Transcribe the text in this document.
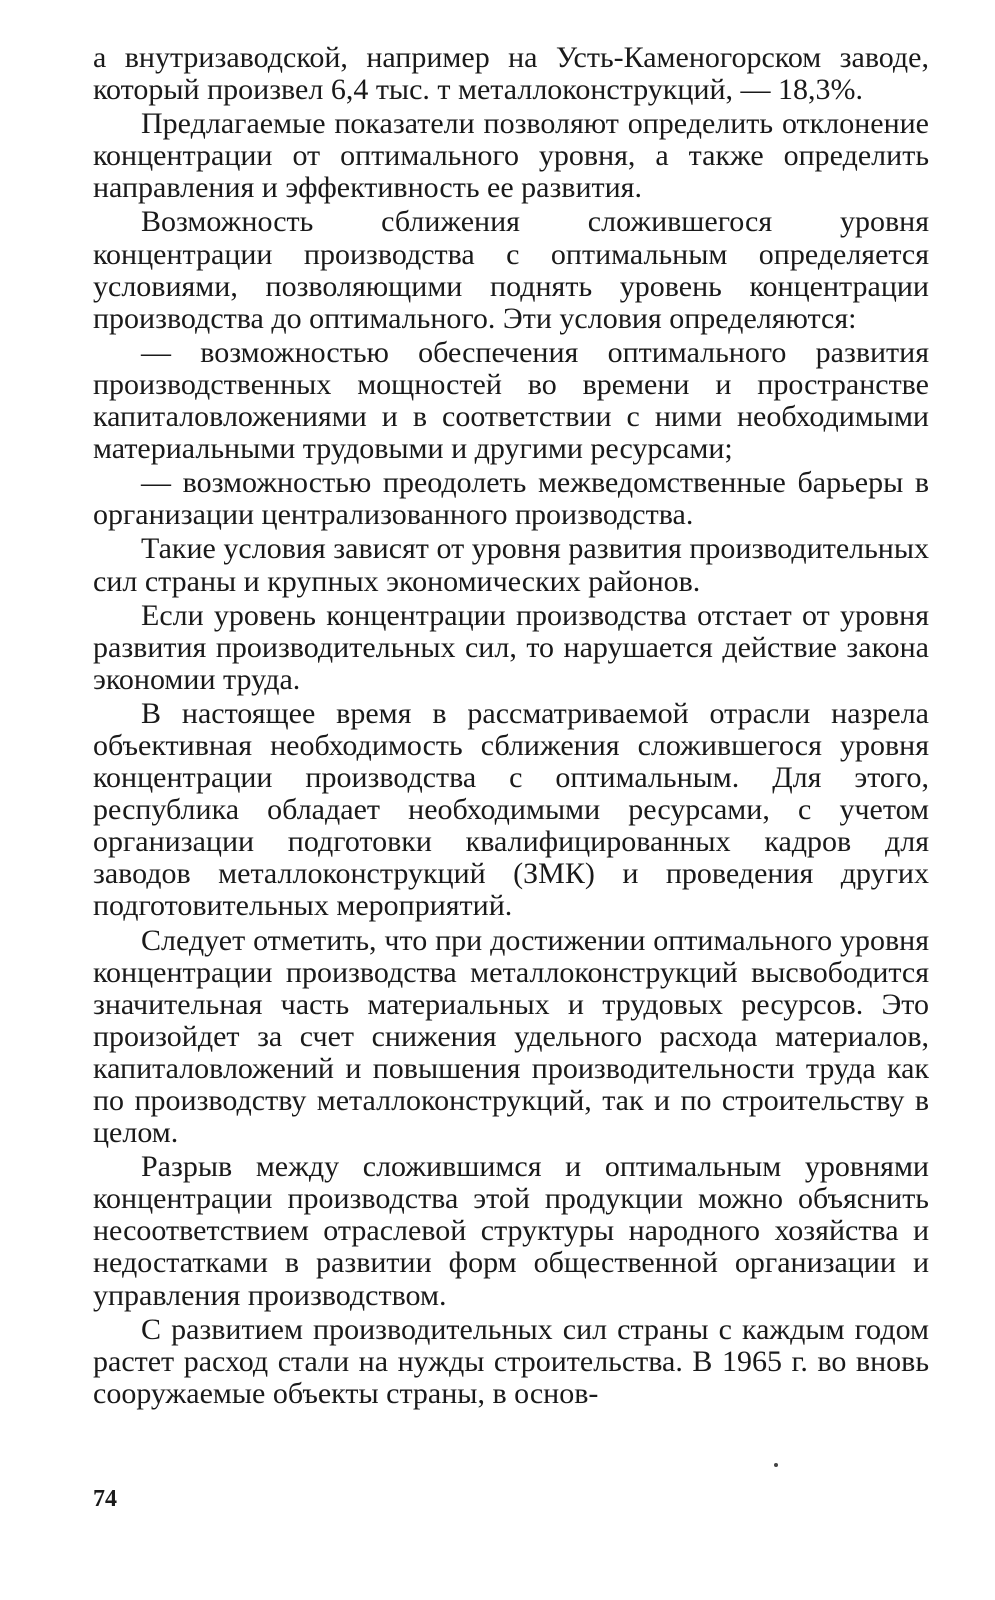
а внутризаводской, например на Усть-Каменогорском заводе, который произвел 6,4 тыс. т металлоконструкций, — 18,3%.

Предлагаемые показатели позволяют определить отклонение концентрации от оптимального уровня, а также определить направления и эффективность ее развития.

Возможность сближения сложившегося уровня концентрации производства с оптимальным определяется условиями, позволяющими поднять уровень концентрации производства до оптимального. Эти условия определяются:

— возможностью обеспечения оптимального развития производственных мощностей во времени и пространстве капиталовложениями и в соответствии с ними необходимыми материальными трудовыми и другими ресурсами;

— возможностью преодолеть межведомственные барьеры в организации централизованного производства.

Такие условия зависят от уровня развития производительных сил страны и крупных экономических районов.

Если уровень концентрации производства отстает от уровня развития производительных сил, то нарушается действие закона экономии труда.

В настоящее время в рассматриваемой отрасли назрела объективная необходимость сближения сложившегося уровня концентрации производства с оптимальным. Для этого, республика обладает необходимыми ресурсами, с учетом организации подготовки квалифицированных кадров для заводов металлоконструкций (ЗМК) и проведения других подготовительных мероприятий.

Следует отметить, что при достижении оптимального уровня концентрации производства металлоконструкций высвободится значительная часть материальных и трудовых ресурсов. Это произойдет за счет снижения удельного расхода материалов, капиталовложений и повышения производительности труда как по производству металлоконструкций, так и по строительству в целом.

Разрыв между сложившимся и оптимальным уровнями концентрации производства этой продукции можно объяснить несоответствием отраслевой структуры народного хозяйства и недостатками в развитии форм общественной организации и управления производством.

С развитием производительных сил страны с каждым годом растет расход стали на нужды строительства. В 1965 г. во вновь сооружаемые объекты страны, в основ-

74
